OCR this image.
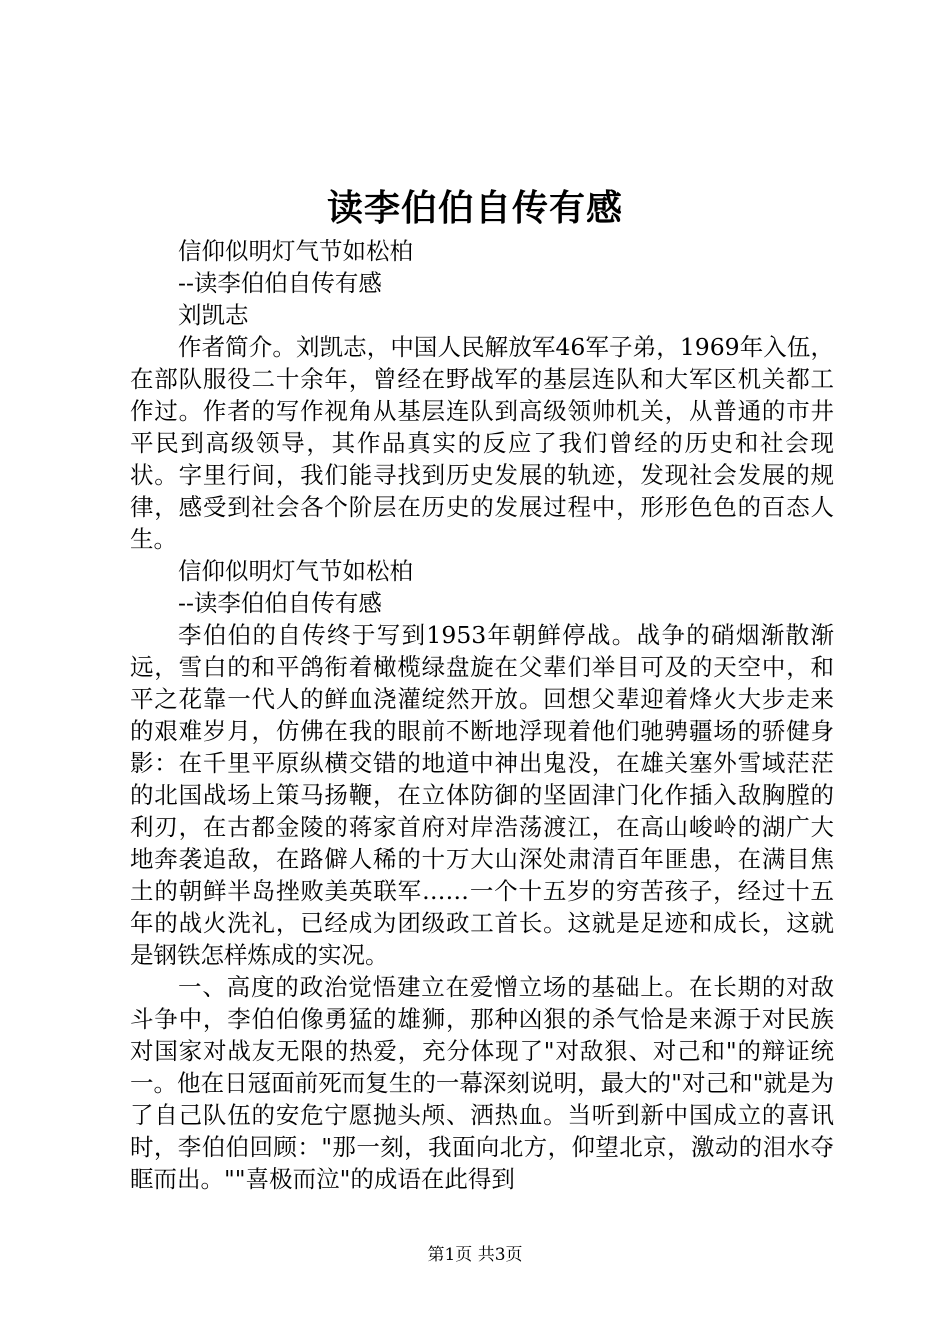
读李伯伯自传有感

信仰似明灯气节如松柏

--读李伯伯自传有感

刘凯志

作者简介。刘凯志，中国人民解放军46军子弟，1969年入伍，在部队服役二十余年，曾经在野战军的基层连队和大军区机关都工作过。作者的写作视角从基层连队到高级领帅机关，从普通的市井平民到高级领导，其作品真实的反应了我们曾经的历史和社会现状。字里行间，我们能寻找到历史发展的轨迹，发现社会发展的规律，感受到社会各个阶层在历史的发展过程中，形形色色的百态人生。

信仰似明灯气节如松柏

--读李伯伯自传有感

李伯伯的自传终于写到1953年朝鲜停战。战争的硝烟渐散渐远，雪白的和平鸽衔着橄榄绿盘旋在父辈们举目可及的天空中，和平之花靠一代人的鲜血浇灌绽然开放。回想父辈迎着烽火大步走来的艰难岁月，仿佛在我的眼前不断地浮现着他们驰骋疆场的骄健身影：在千里平原纵横交错的地道中神出鬼没，在雄关塞外雪域茫茫的北国战场上策马扬鞭，在立体防御的坚固津门化作插入敌胸膛的利刃，在古都金陵的蒋家首府对岸浩荡渡江，在高山峻岭的湖广大地奔袭追敌，在路僻人稀的十万大山深处肃清百年匪患，在满目焦土的朝鲜半岛挫败美英联军……一个十五岁的穷苦孩子，经过十五年的战火洗礼，已经成为团级政工首长。这就是足迹和成长，这就是钢铁怎样炼成的实况。

一、高度的政治觉悟建立在爱憎立场的基础上。在长期的对敌斗争中，李伯伯像勇猛的雄狮，那种凶狠的杀气恰是来源于对民族对国家对战友无限的热爱，充分体现了"对敌狠、对己和"的辩证统一。他在日冦面前死而复生的一幕深刻说明，最大的"对己和"就是为了自己队伍的安危宁愿抛头颅、洒热血。当听到新中国成立的喜讯时，李伯伯回顾："那一刻，我面向北方，仰望北京，激动的泪水夺眶而出。""喜极而泣"的成语在此得到

第1页 共3页
